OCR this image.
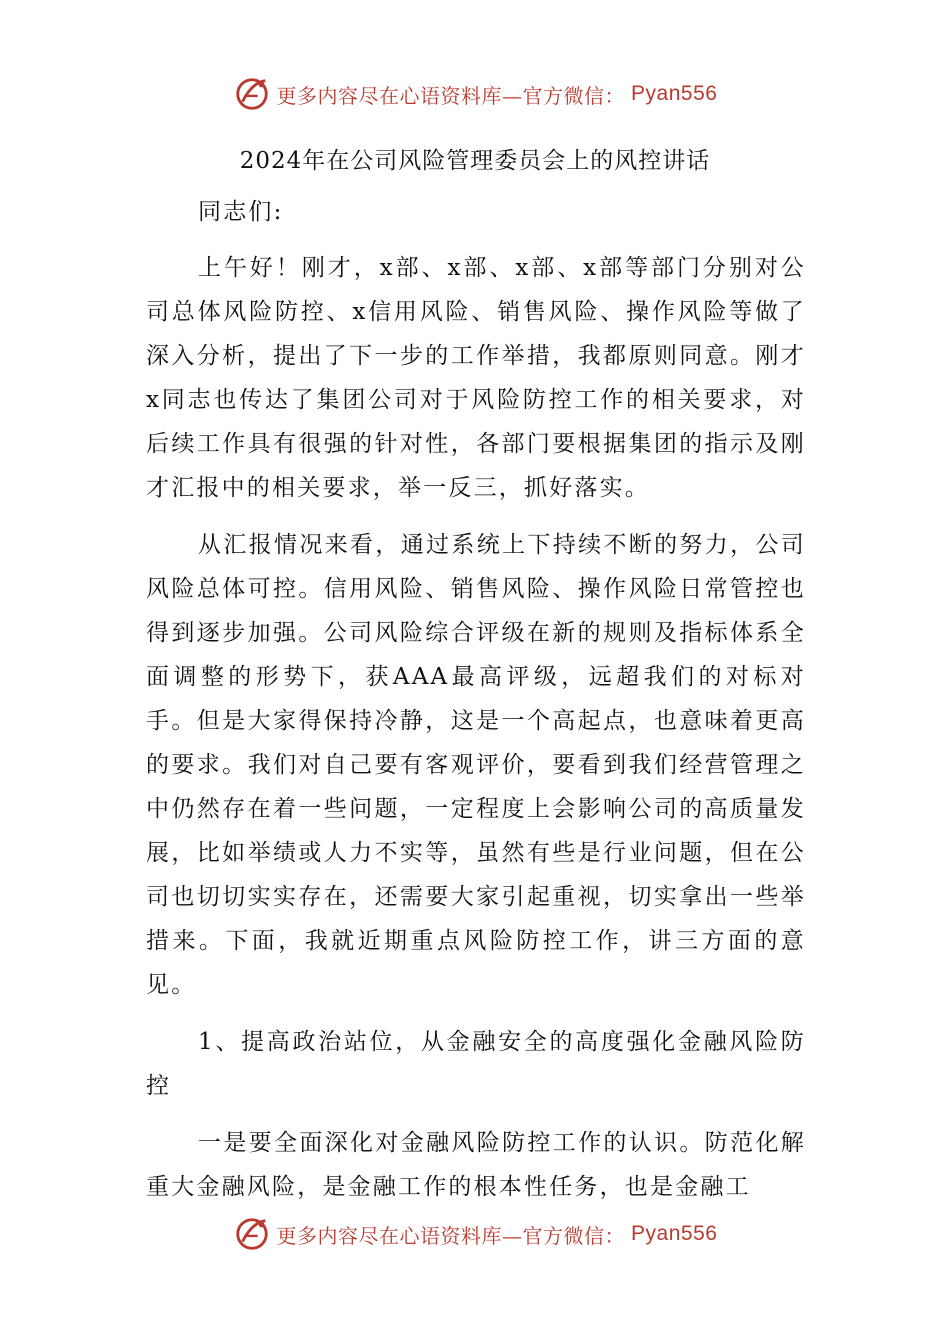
更多内容尽在心语资料库—官方微信： Pyan556
2024年在公司风险管理委员会上的风控讲话

同志们:

上午好！刚才，x部、x部、x部、x部等部门分别对公司总体风险防控、x信用风险、销售风险、操作风险等做了深入分析，提出了下一步的工作举措，我都原则同意。刚才x同志也传达了集团公司对于风险防控工作的相关要求，对后续工作具有很强的针对性，各部门要根据集团的指示及刚才汇报中的相关要求，举一反三，抓好落实。

从汇报情况来看，通过系统上下持续不断的努力，公司风险总体可控。信用风险、销售风险、操作风险日常管控也得到逐步加强。公司风险综合评级在新的规则及指标体系全面调整的形势下，获AAA最高评级，远超我们的对标对手。但是大家得保持冷静，这是一个高起点，也意味着更高的要求。我们对自己要有客观评价，要看到我们经营管理之中仍然存在着一些问题，一定程度上会影响公司的高质量发展，比如举绩或人力不实等，虽然有些是行业问题，但在公司也切切实实存在，还需要大家引起重视，切实拿出一些举措来。下面，我就近期重点风险防控工作，讲三方面的意见。

1、提高政治站位，从金融安全的高度强化金融风险防控

一是要全面深化对金融风险防控工作的认识。防范化解重大金融风险，是金融工作的根本性任务，也是金融工

更多内容尽在心语资料库—官方微信： Pyan556
